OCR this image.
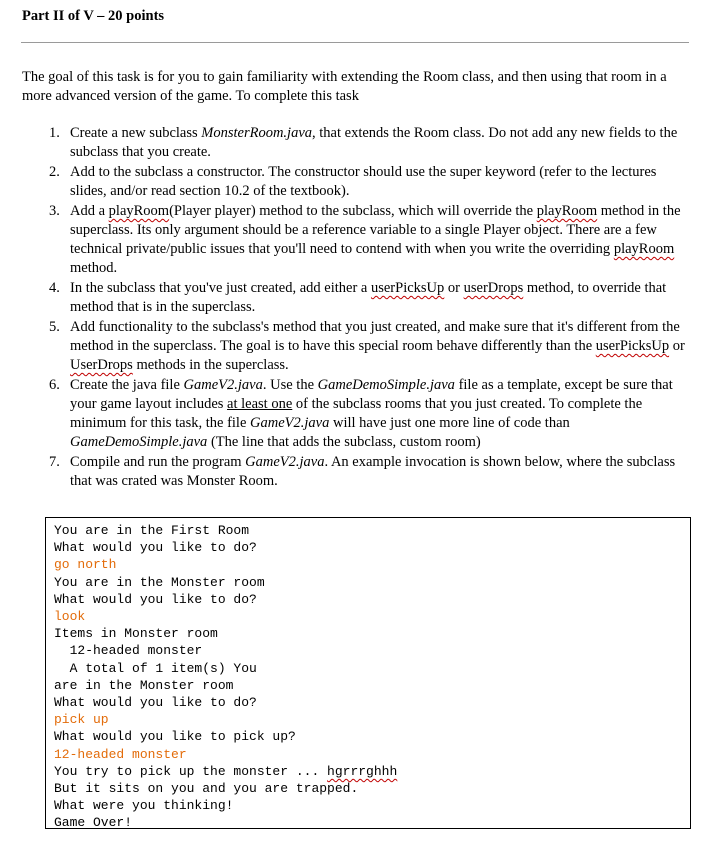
Part II of V – 20 points

The goal of this task is for you to gain familiarity with extending the Room class, and then using that room in a more advanced version of the game. To complete this task

1. Create a new subclass MonsterRoom.java, that extends the Room class. Do not add any new fields to the subclass that you create.
2. Add to the subclass a constructor. The constructor should use the super keyword (refer to the lectures slides, and/or read section 10.2 of the textbook).
3. Add a playRoom(Player player) method to the subclass, which will override the playRoom method in the superclass. Its only argument should be a reference variable to a single Player object. There are a few technical private/public issues that you'll need to contend with when you write the overriding playRoom method.
4. In the subclass that you've just created, add either a userPicksUp or userDrops method, to override that method that is in the superclass.
5. Add functionality to the subclass's method that you just created, and make sure that it's different from the method in the superclass. The goal is to have this special room behave differently than the userPicksUp or UserDrops methods in the superclass.
6. Create the java file GameV2.java. Use the GameDemoSimple.java file as a template, except be sure that your game layout includes at least one of the subclass rooms that you just created. To complete the minimum for this task, the file GameV2.java will have just one more line of code than GameDemoSimple.java (The line that adds the subclass, custom room)
7. Compile and run the program GameV2.java. An example invocation is shown below, where the subclass that was crated was Monster Room.
You are in the First Room
What would you like to do?
go north
You are in the Monster room
What would you like to do?
look
Items in Monster room
12-headed monster
A total of 1 item(s) You
are in the Monster room
What would you like to do?
pick up
What would you like to pick up?
12-headed monster
You try to pick up the monster ... hgrrrghhh
But it sits on you and you are trapped.
What were you thinking!
Game Over!
